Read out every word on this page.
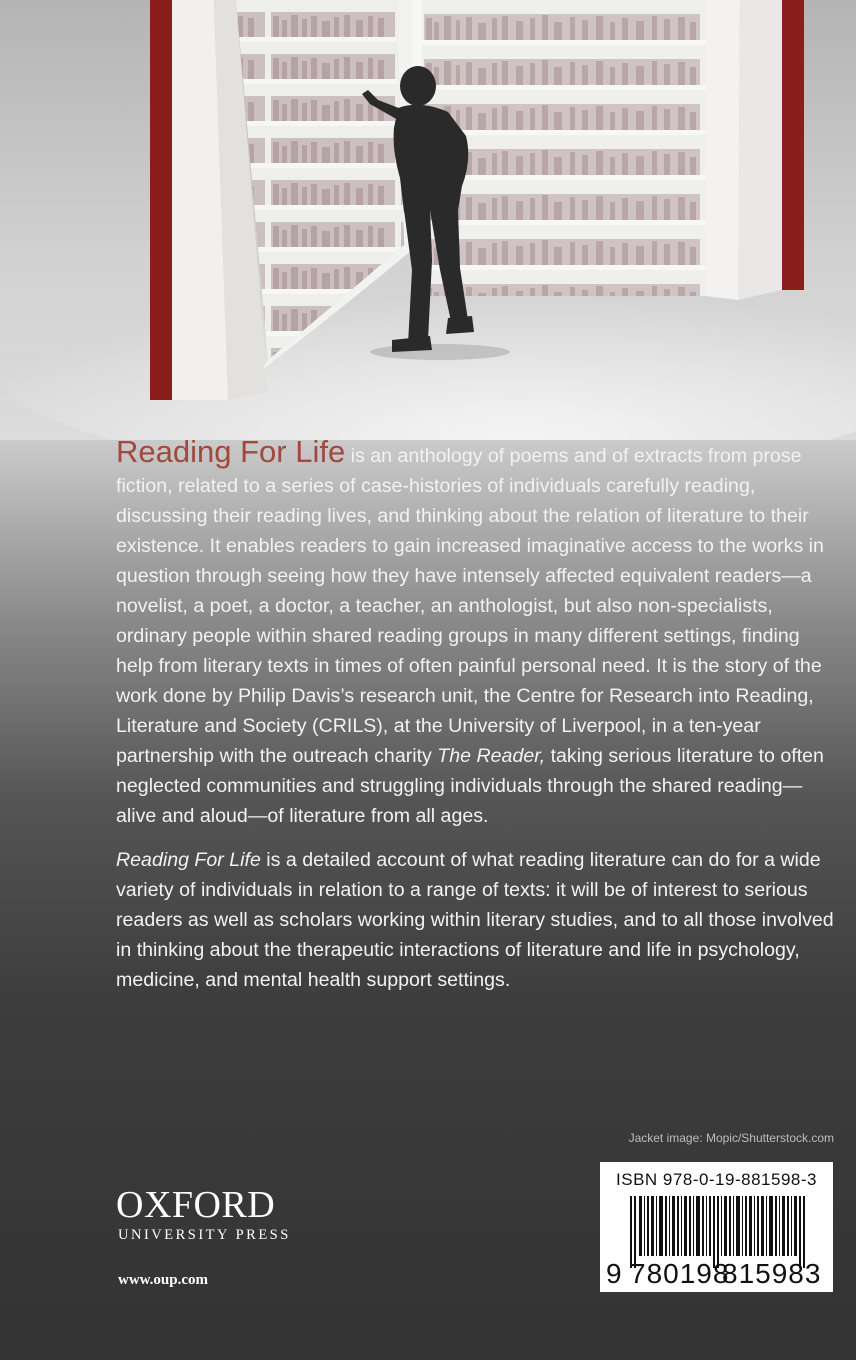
Reading For Life is an anthology of poems and of extracts from prose fiction, related to a series of case-histories of individuals carefully reading, discussing their reading lives, and thinking about the relation of literature to their existence. It enables readers to gain increased imaginative access to the works in question through seeing how they have intensely affected equivalent readers—a novelist, a poet, a doctor, a teacher, an anthologist, but also non-specialists, ordinary people within shared reading groups in many different settings, finding help from literary texts in times of often painful personal need. It is the story of the work done by Philip Davis’s research unit, the Centre for Research into Reading, Literature and Society (CRILS), at the University of Liverpool, in a ten-year partnership with the outreach charity The Reader, taking serious literature to often neglected communities and struggling individuals through the shared reading—alive and aloud—of literature from all ages.

Reading For Life is a detailed account of what reading literature can do for a wide variety of individuals in relation to a range of texts: it will be of interest to serious readers as well as scholars working within literary studies, and to all those involved in thinking about the therapeutic interactions of literature and life in psychology, medicine, and mental health support settings.

Jacket image: Mopic/Shutterstock.com
OXFORD
UNIVERSITY PRESS
www.oup.com
ISBN 978-0-19-881598-3
9 780198
815983
